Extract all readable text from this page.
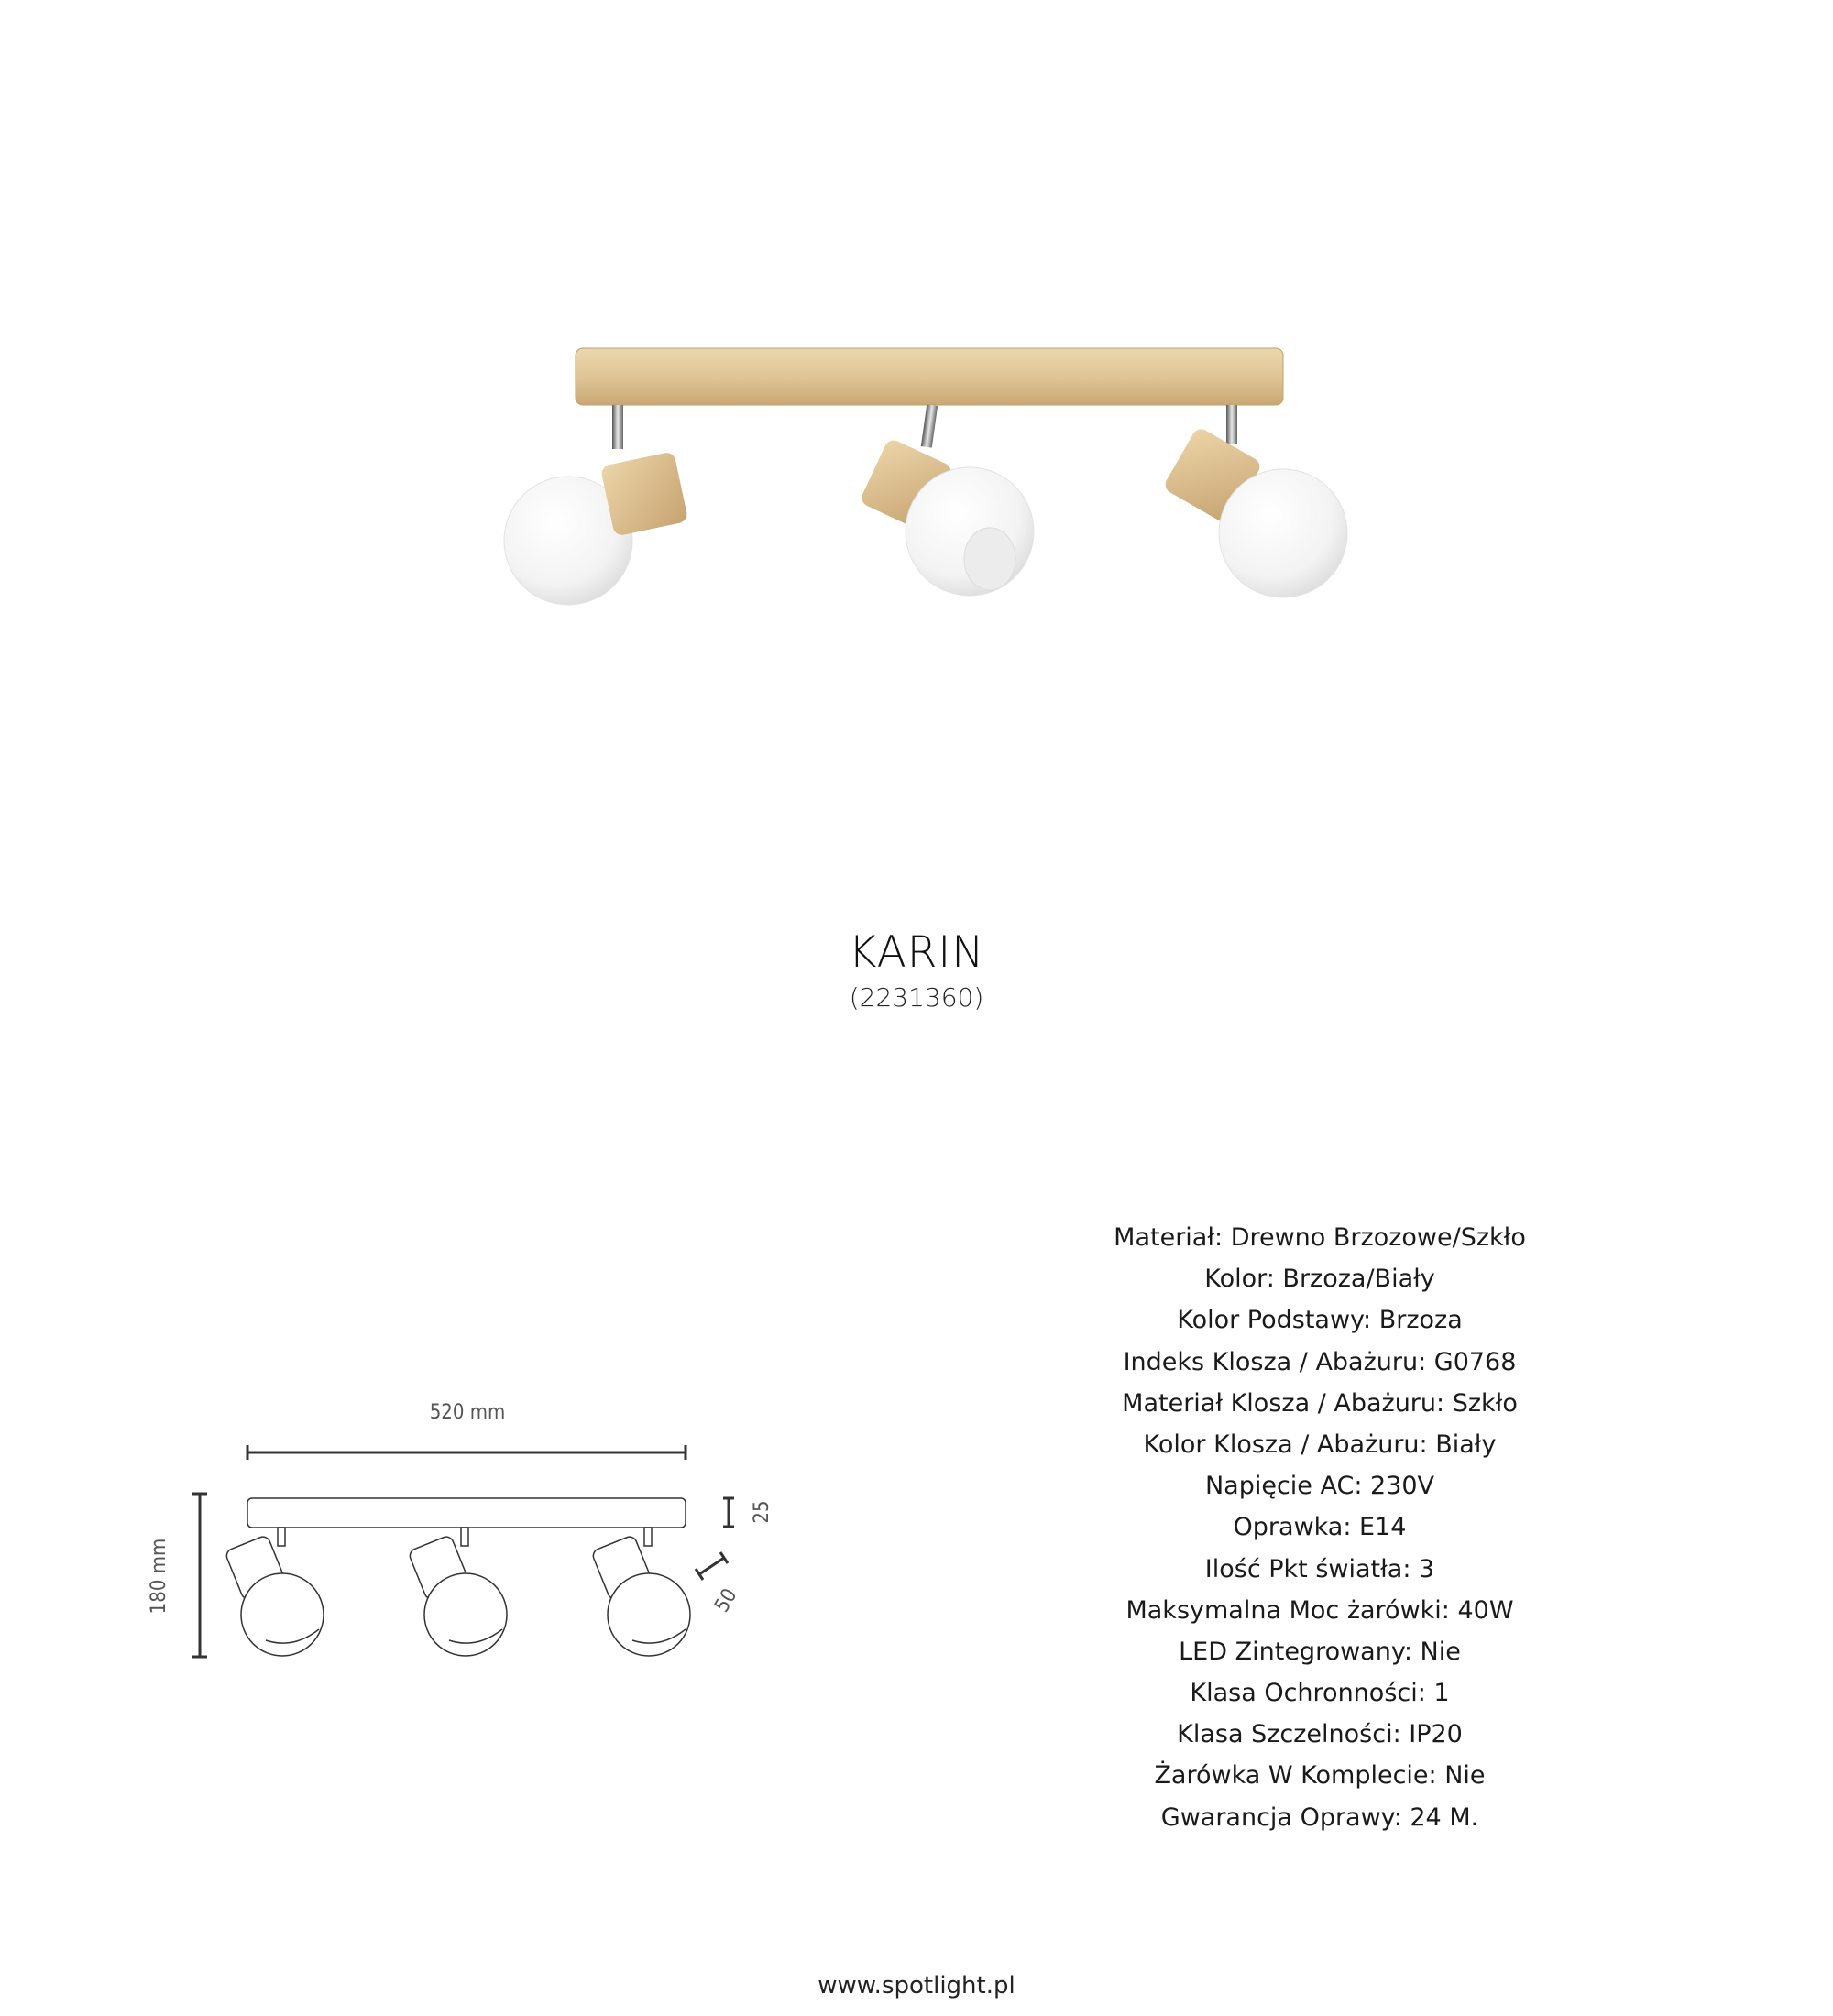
KARIN
(2231360)
520 mm
180 mm
25
50
Materiał: Drewno Brzozowe/Szkło
Kolor: Brzoza/Biały
Kolor Podstawy: Brzoza
Indeks Klosza / Abażuru: G0768
Materiał Klosza / Abażuru: Szkło
Kolor Klosza / Abażuru: Biały
Napięcie AC: 230V
Oprawka: E14
Ilość Pkt światła: 3
Maksymalna Moc żarówki: 40W
LED Zintegrowany: Nie
Klasa Ochronności: 1
Klasa Szczelności: IP20
Żarówka W Komplecie: Nie
Gwarancja Oprawy: 24 M.
www.spotlight.pl
